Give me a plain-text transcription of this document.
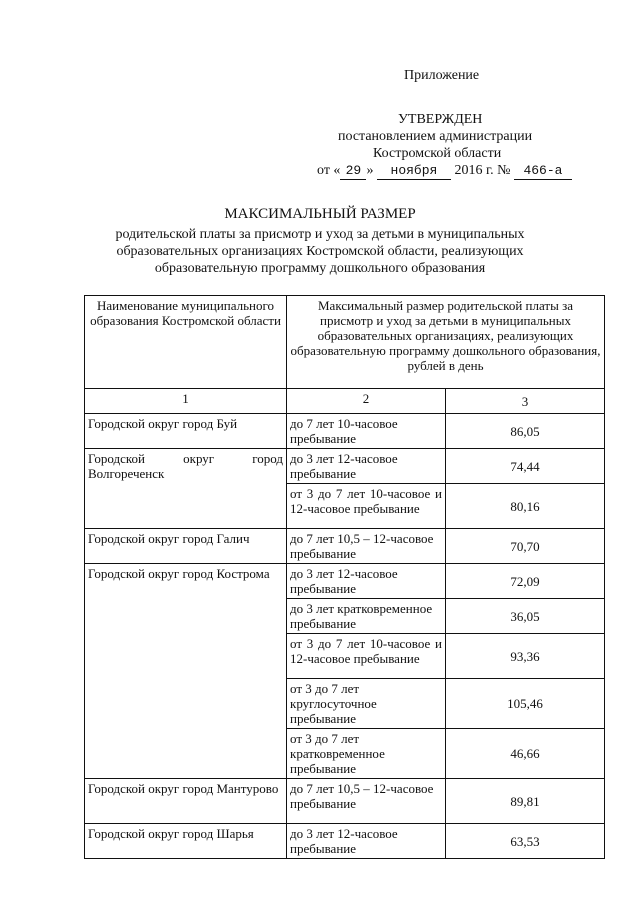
Приложение
УТВЕРЖДЕН
постановлением администрации
Костромской области
от « 29 » ноября 2016 г. № 466-а
МАКСИМАЛЬНЫЙ РАЗМЕР
родительской платы за присмотр и уход за детьми в муниципальных
образовательных организациях Костромской области, реализующих
образовательную программу дошкольного образования
Наименование муниципального образования Костромской области	Максимальный размер родительской платы за присмотр и уход за детьми в муниципальных образовательных организациях, реализующих образовательную программу дошкольного образования, рублей в день	
1	2	3

Городской округ город Буй	до 7 лет 10-часовое пребывание	86,05

Городской округ город Волгореченск	до 3 лет 12-часовое пребывание	74,44
	от 3 до 7 лет 10-часовое и 12-часовое пребывание	80,16

Городской округ город Галич	до 7 лет 10,5 – 12-часовое пребывание	70,70

Городской округ город Кострома	до 3 лет 12-часовое пребывание	72,09
	до 3 лет кратковременное пребывание	36,05
	от 3 до 7 лет 10-часовое и 12-часовое пребывание	93,36
	от 3 до 7 лет круглосуточное пребывание	105,46
	от 3 до 7 лет кратковременное пребывание	46,66

Городской округ город Мантурово	до 7 лет 10,5 – 12-часовое пребывание	89,81

Городской округ город Шарья	до 3 лет 12-часовое пребывание	63,53
